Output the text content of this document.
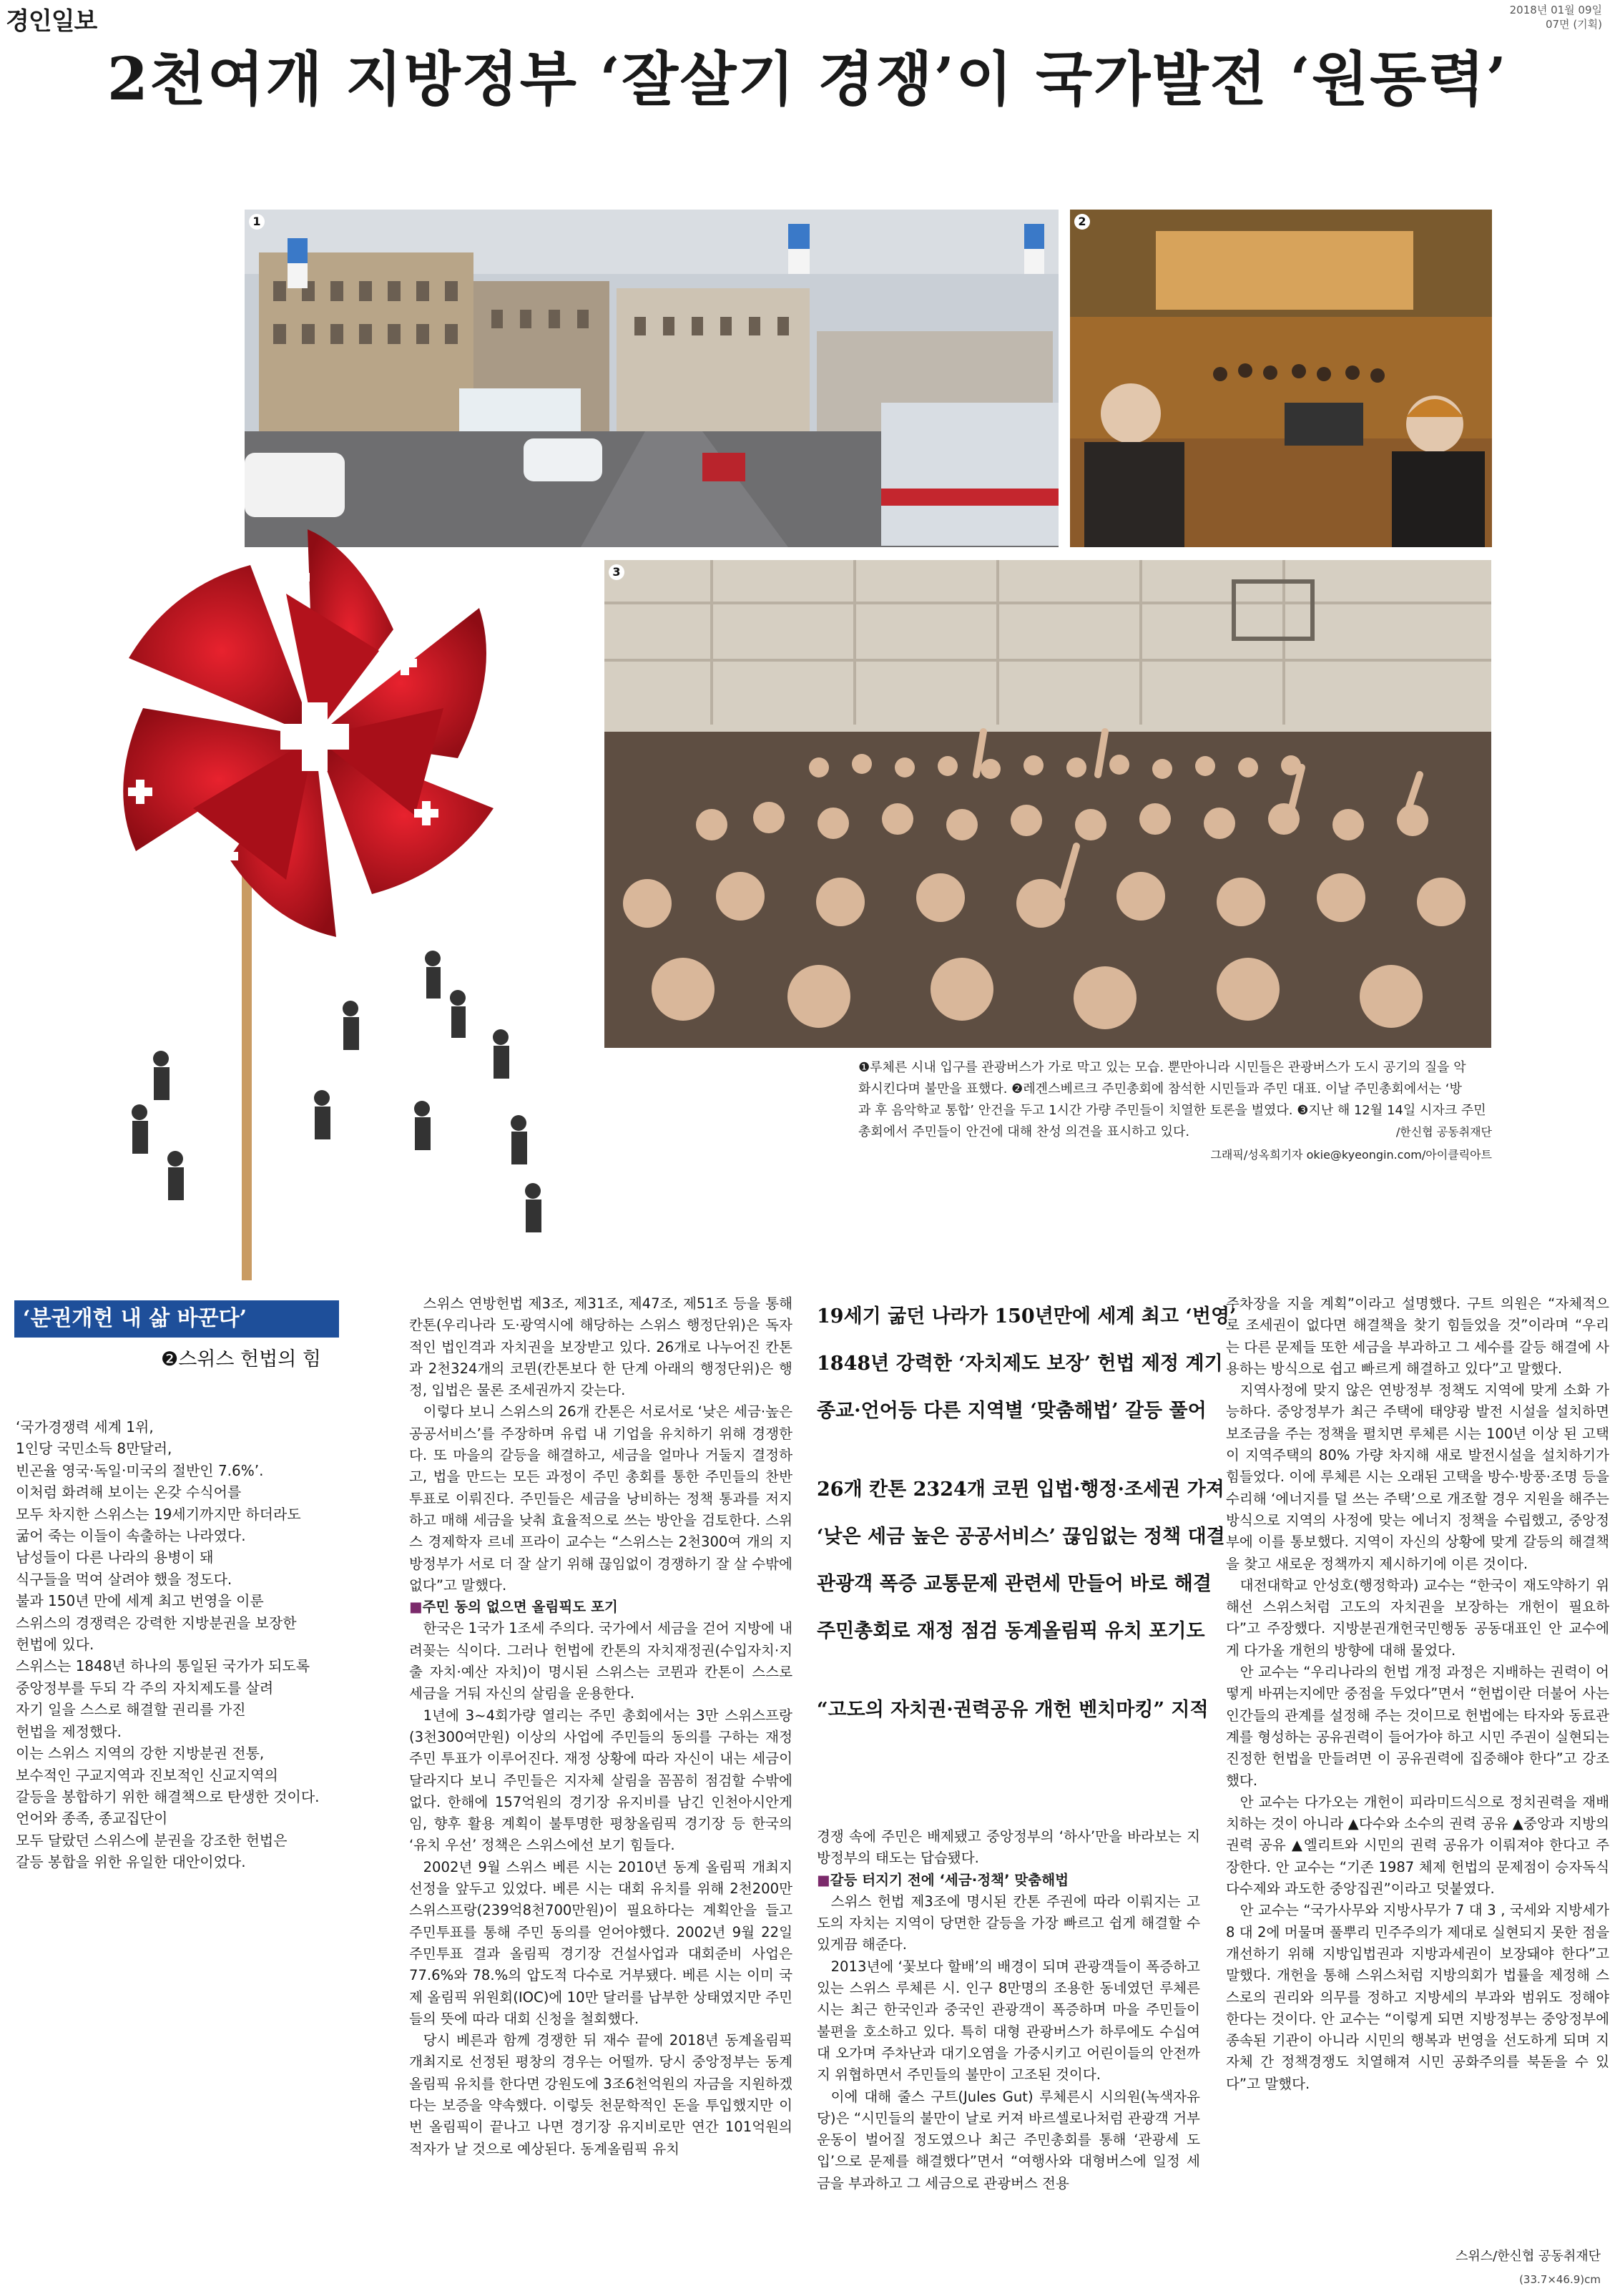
경인일보	2018년 01월 09일
07면 (기획)
2천여개 지방정부 ‘잘살기 경쟁’이 국가발전 ‘원동력’
1	2
3
❶루체른 시내 입구를 관광버스가 가로 막고 있는 모습. 뿐만아니라 시민들은 관광버스가 도시 공기의 질을 악
화시킨다며 불만을 표했다. ❷레겐스베르크 주민총회에 참석한 시민들과 주민 대표. 이날 주민총회에서는 ‘방
과 후 음악학교 통합’ 안건을 두고 1시간 가량 주민들이 치열한 토론을 벌였다. ❸지난 해 12월 14일 시자크 주민
총회에서 주민들이 안건에 대해 찬성 의견을 표시하고 있다.	/한신협 공동취재단
그래픽/성옥희기자 okie@kyeongin.com/아이클릭아트
‘분권개헌 내 삶 바꾼다’
❷스위스 헌법의 힘

‘국가경쟁력 세계 1위,

1인당 국민소득 8만달러,

빈곤율 영국·독일·미국의 절반인 7.6%’.

이처럼 화려해 보이는 온갖 수식어를

모두 차지한 스위스는 19세기까지만 하더라도

굶어 죽는 이들이 속출하는 나라였다.

남성들이 다른 나라의 용병이 돼

식구들을 먹여 살려야 했을 정도다.

불과 150년 만에 세계 최고 번영을 이룬

스위스의 경쟁력은 강력한 지방분권을 보장한

헌법에 있다.

스위스는 1848년 하나의 통일된 국가가 되도록

중앙정부를 두되 각 주의 자치제도를 살려

자기 일을 스스로 해결할 권리를 가진

헌법을 제정했다.

이는 스위스 지역의 강한 지방분권 전통,

보수적인 구교지역과 진보적인 신교지역의

갈등을 봉합하기 위한 해결책으로 탄생한 것이다.

언어와 종족, 종교집단이

모두 달랐던 스위스에 분권을 강조한 헌법은

갈등 봉합을 위한 유일한 대안이었다.

스위스 연방헌법 제3조, 제31조, 제47조, 제51조 등을 통해 칸톤(우리나라 도·광역시에 해당하는 스위스 행정단위)은 독자적인 법인격과 자치권을 보장받고 있다. 26개로 나누어진 칸톤과 2천324개의 코뮌(칸톤보다 한 단계 아래의 행정단위)은 행정, 입법은 물론 조세권까지 갖는다.

이렇다 보니 스위스의 26개 칸톤은 서로서로 ‘낮은 세금·높은 공공서비스’를 주장하며 유럽 내 기업을 유치하기 위해 경쟁한다. 또 마을의 갈등을 해결하고, 세금을 얼마나 거둘지 결정하고, 법을 만드는 모든 과정이 주민 총회를 통한 주민들의 찬반 투표로 이뤄진다. 주민들은 세금을 낭비하는 정책 통과를 저지하고 매해 세금을 낮춰 효율적으로 쓰는 방안을 검토한다. 스위스 경제학자 르네 프라이 교수는 “스위스는 2천300여 개의 지방정부가 서로 더 잘 살기 위해 끊임없이 경쟁하기 잘 살 수밖에 없다”고 말했다.

■주민 동의 없으면 올림픽도 포기

한국은 1국가 1조세 주의다. 국가에서 세금을 걷어 지방에 내려꽂는 식이다. 그러나 헌법에 칸톤의 자치재정권(수입자치·지출 자치·예산 자치)이 명시된 스위스는 코뮌과 칸톤이 스스로 세금을 거둬 자신의 살림을 운용한다.

1년에 3~4회가량 열리는 주민 총회에서는 3만 스위스프랑(3천300여만원) 이상의 사업에 주민들의 동의를 구하는 재정 주민 투표가 이루어진다. 재정 상황에 따라 자신이 내는 세금이 달라지다 보니 주민들은 지자체 살림을 꼼꼼히 점검할 수밖에 없다. 한해에 157억원의 경기장 유지비를 남긴 인천아시안게임, 향후 활용 계획이 불투명한 평창올림픽 경기장 등 한국의 ‘유치 우선’ 정책은 스위스에선 보기 힘들다.

2002년 9월 스위스 베른 시는 2010년 동계 올림픽 개최지 선정을 앞두고 있었다. 베른 시는 대회 유치를 위해 2천200만 스위스프랑(239억8천700만원)이 필요하다는 계획안을 들고 주민투표를 통해 주민 동의를 얻어야했다. 2002년 9월 22일 주민투표 결과 올림픽 경기장 건설사업과 대회준비 사업은 77.6%와 78.%의 압도적 다수로 거부됐다. 베른 시는 이미 국제 올림픽 위원회(IOC)에 10만 달러를 납부한 상태였지만 주민들의 뜻에 따라 대회 신청을 철회했다.

당시 베른과 함께 경쟁한 뒤 재수 끝에 2018년 동계올림픽 개최지로 선정된 평창의 경우는 어떨까. 당시 중앙정부는 동계올림픽 유치를 한다면 강원도에 3조6천억원의 자금을 지원하겠다는 보증을 약속했다. 이렇듯 천문학적인 돈을 투입했지만 이번 올림픽이 끝나고 나면 경기장 유지비로만 연간 101억원의 적자가 날 것으로 예상된다. 동계올림픽 유치

19세기 굶던 나라가 150년만에 세계 최고 ‘번영’
1848년 강력한 ‘자치제도 보장’ 헌법 제정 계기
종교·언어등 다른 지역별 ‘맞춤해법’ 갈등 풀어
26개 칸톤 2324개 코뮌 입법·행정·조세권 가져
‘낮은 세금 높은 공공서비스’ 끊임없는 정책 대결
관광객 폭증 교통문제 관련세 만들어 바로 해결
주민총회로 재정 점검 동계올림픽 유치 포기도
“고도의 자치권·권력공유 개헌 벤치마킹” 지적

경쟁 속에 주민은 배제됐고 중앙정부의 ‘하사’만을 바라보는 지방정부의 태도는 답습됐다.

■갈등 터지기 전에 ‘세금·정책’ 맞춤해법

스위스 헌법 제3조에 명시된 칸톤 주권에 따라 이뤄지는 고도의 자치는 지역이 당면한 갈등을 가장 빠르고 쉽게 해결할 수 있게끔 해준다.

2013년에 ‘꽃보다 할배’의 배경이 되며 관광객들이 폭증하고 있는 스위스 루체른 시. 인구 8만명의 조용한 동네였던 루체른 시는 최근 한국인과 중국인 관광객이 폭증하며 마을 주민들이 불편을 호소하고 있다. 특히 대형 관광버스가 하루에도 수십여대 오가며 주차난과 대기오염을 가중시키고 어린이들의 안전까지 위협하면서 주민들의 불만이 고조된 것이다.

이에 대해 줄스 구트(Jules Gut) 루체른시 시의원(녹색자유당)은 “시민들의 불만이 날로 커져 바르셀로나처럼 관광객 거부 운동이 벌어질 정도였으나 최근 주민총회를 통해 ‘관광세 도입’으로 문제를 해결했다”면서 “여행사와 대형버스에 일정 세금을 부과하고 그 세금으로 관광버스 전용

주차장을 지을 계획”이라고 설명했다. 구트 의원은 “자체적으로 조세권이 없다면 해결책을 찾기 힘들었을 것”이라며 “우리는 다른 문제들 또한 세금을 부과하고 그 세수를 갈등 해결에 사용하는 방식으로 쉽고 빠르게 해결하고 있다”고 말했다.

지역사정에 맞지 않은 연방정부 정책도 지역에 맞게 소화 가능하다. 중앙정부가 최근 주택에 태양광 발전 시설을 설치하면 보조금을 주는 정책을 펼치면 루체른 시는 100년 이상 된 고택이 지역주택의 80% 가량 차지해 새로 발전시설을 설치하기가 힘들었다. 이에 루체른 시는 오래된 고택을 방수·방풍·조명 등을 수리해 ‘에너지를 덜 쓰는 주택’으로 개조할 경우 지원을 해주는 방식으로 지역의 사정에 맞는 에너지 정책을 수립했고, 중앙정부에 이를 통보했다. 지역이 자신의 상황에 맞게 갈등의 해결책을 찾고 새로운 정책까지 제시하기에 이른 것이다.

대전대학교 안성호(행정학과) 교수는 “한국이 재도약하기 위해선 스위스처럼 고도의 자치권을 보장하는 개헌이 필요하다”고 주장했다. 지방분권개헌국민행동 공동대표인 안 교수에게 다가올 개헌의 방향에 대해 물었다.

안 교수는 “우리나라의 헌법 개정 과정은 지배하는 권력이 어떻게 바뀌는지에만 중점을 두었다”면서 “헌법이란 더불어 사는 인간들의 관계를 설정해 주는 것이므로 헌법에는 타자와 동료관계를 형성하는 공유권력이 들어가야 하고 시민 주권이 실현되는 진정한 헌법을 만들려면 이 공유권력에 집중해야 한다”고 강조했다.

안 교수는 다가오는 개헌이 피라미드식으로 정치권력을 재배치하는 것이 아니라 ▲다수와 소수의 권력 공유 ▲중앙과 지방의 권력 공유 ▲엘리트와 시민의 권력 공유가 이뤄져야 한다고 주장한다. 안 교수는 “기존 1987 체제 헌법의 문제점이 승자독식 다수제와 과도한 중앙집권”이라고 덧붙였다.

안 교수는 “국가사무와 지방사무가 7 대 3 , 국세와 지방세가 8 대 2에 머물며 풀뿌리 민주주의가 제대로 실현되지 못한 점을 개선하기 위해 지방입법권과 지방과세권이 보장돼야 한다”고 말했다. 개헌을 통해 스위스처럼 지방의회가 법률을 제정해 스스로의 권리와 의무를 정하고 지방세의 부과와 범위도 정해야 한다는 것이다. 안 교수는 “이렇게 되면 지방정부는 중앙정부에 종속된 기관이 아니라 시민의 행복과 번영을 선도하게 되며 지자체 간 정책경쟁도 치열해져 시민 공화주의를 북돋을 수 있다”고 말했다.

스위스/한신협 공동취재단
(33.7×46.9)cm
